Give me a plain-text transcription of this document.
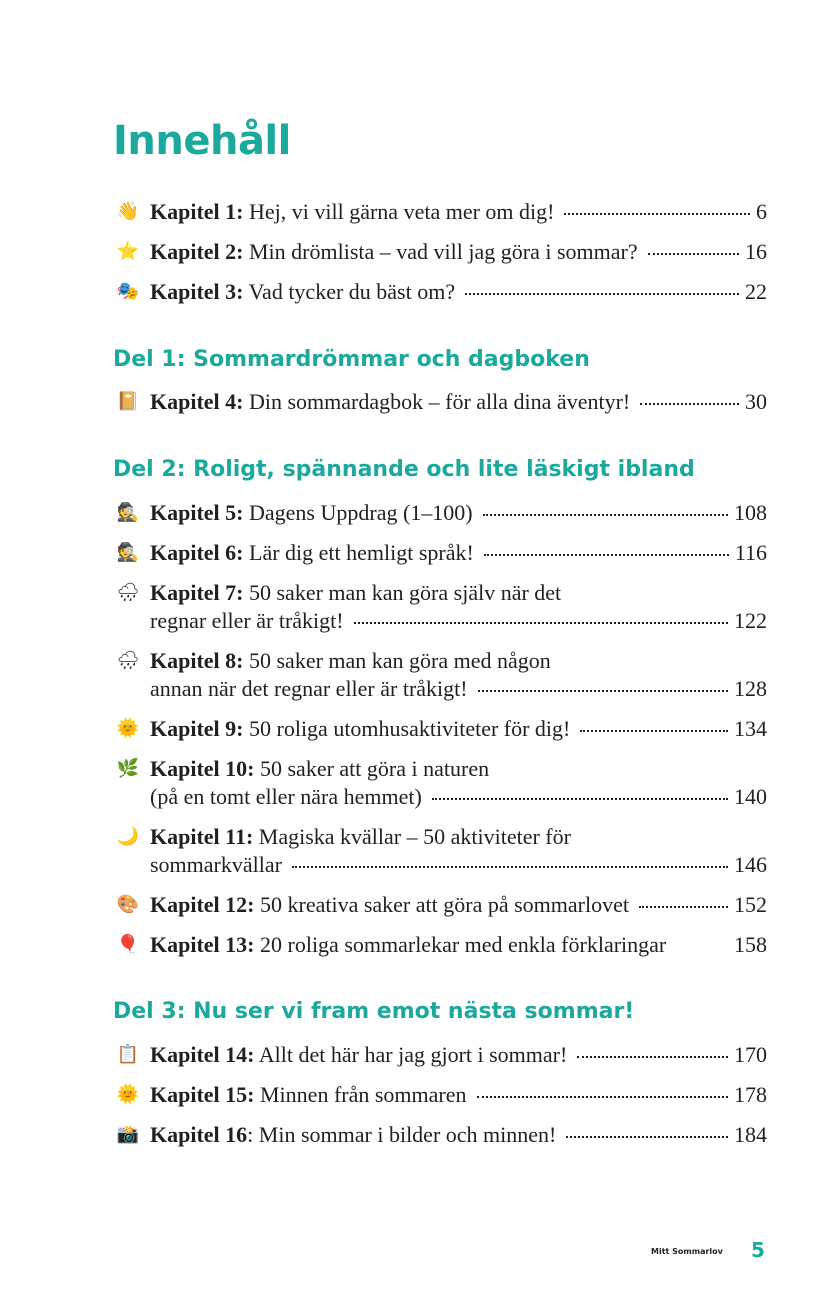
Innehåll
👋 Kapitel 1: Hej, vi vill gärna veta mer om dig!	6
⭐ Kapitel 2: Min drömlista – vad vill jag göra i sommar?	16
🎭 Kapitel 3: Vad tycker du bäst om?	22
Del 1: Sommardrömmar och dagboken
📔 Kapitel 4: Din sommardagbok – för alla dina äventyr!	30
Del 2: Roligt, spännande och lite läskigt ibland
🕵 Kapitel 5: Dagens Uppdrag (1–100)	108
🕵 Kapitel 6: Lär dig ett hemligt språk!	116
🌧 Kapitel 7: 50 saker man kan göra själv när det
regnar eller är tråkigt!	122
🌧 Kapitel 8: 50 saker man kan göra med någon
annan när det regnar eller är tråkigt!	128
🌞 Kapitel 9: 50 roliga utomhusaktiviteter för dig!	134
🌿 Kapitel 10: 50 saker att göra i naturen
(på en tomt eller nära hemmet)	140
🌙 Kapitel 11: Magiska kvällar – 50 aktiviteter för
sommarkvällar	146
🎨 Kapitel 12: 50 kreativa saker att göra på sommarlovet	152
🎈 Kapitel 13: 20 roliga sommarlekar med enkla förklaringar	158
Del 3: Nu ser vi fram emot nästa sommar!
📋 Kapitel 14: Allt det här har jag gjort i sommar!	170
🌞 Kapitel 15: Minnen från sommaren	178
📸 Kapitel 16: Min sommar i bilder och minnen!	184
Mitt Sommarlov 5
